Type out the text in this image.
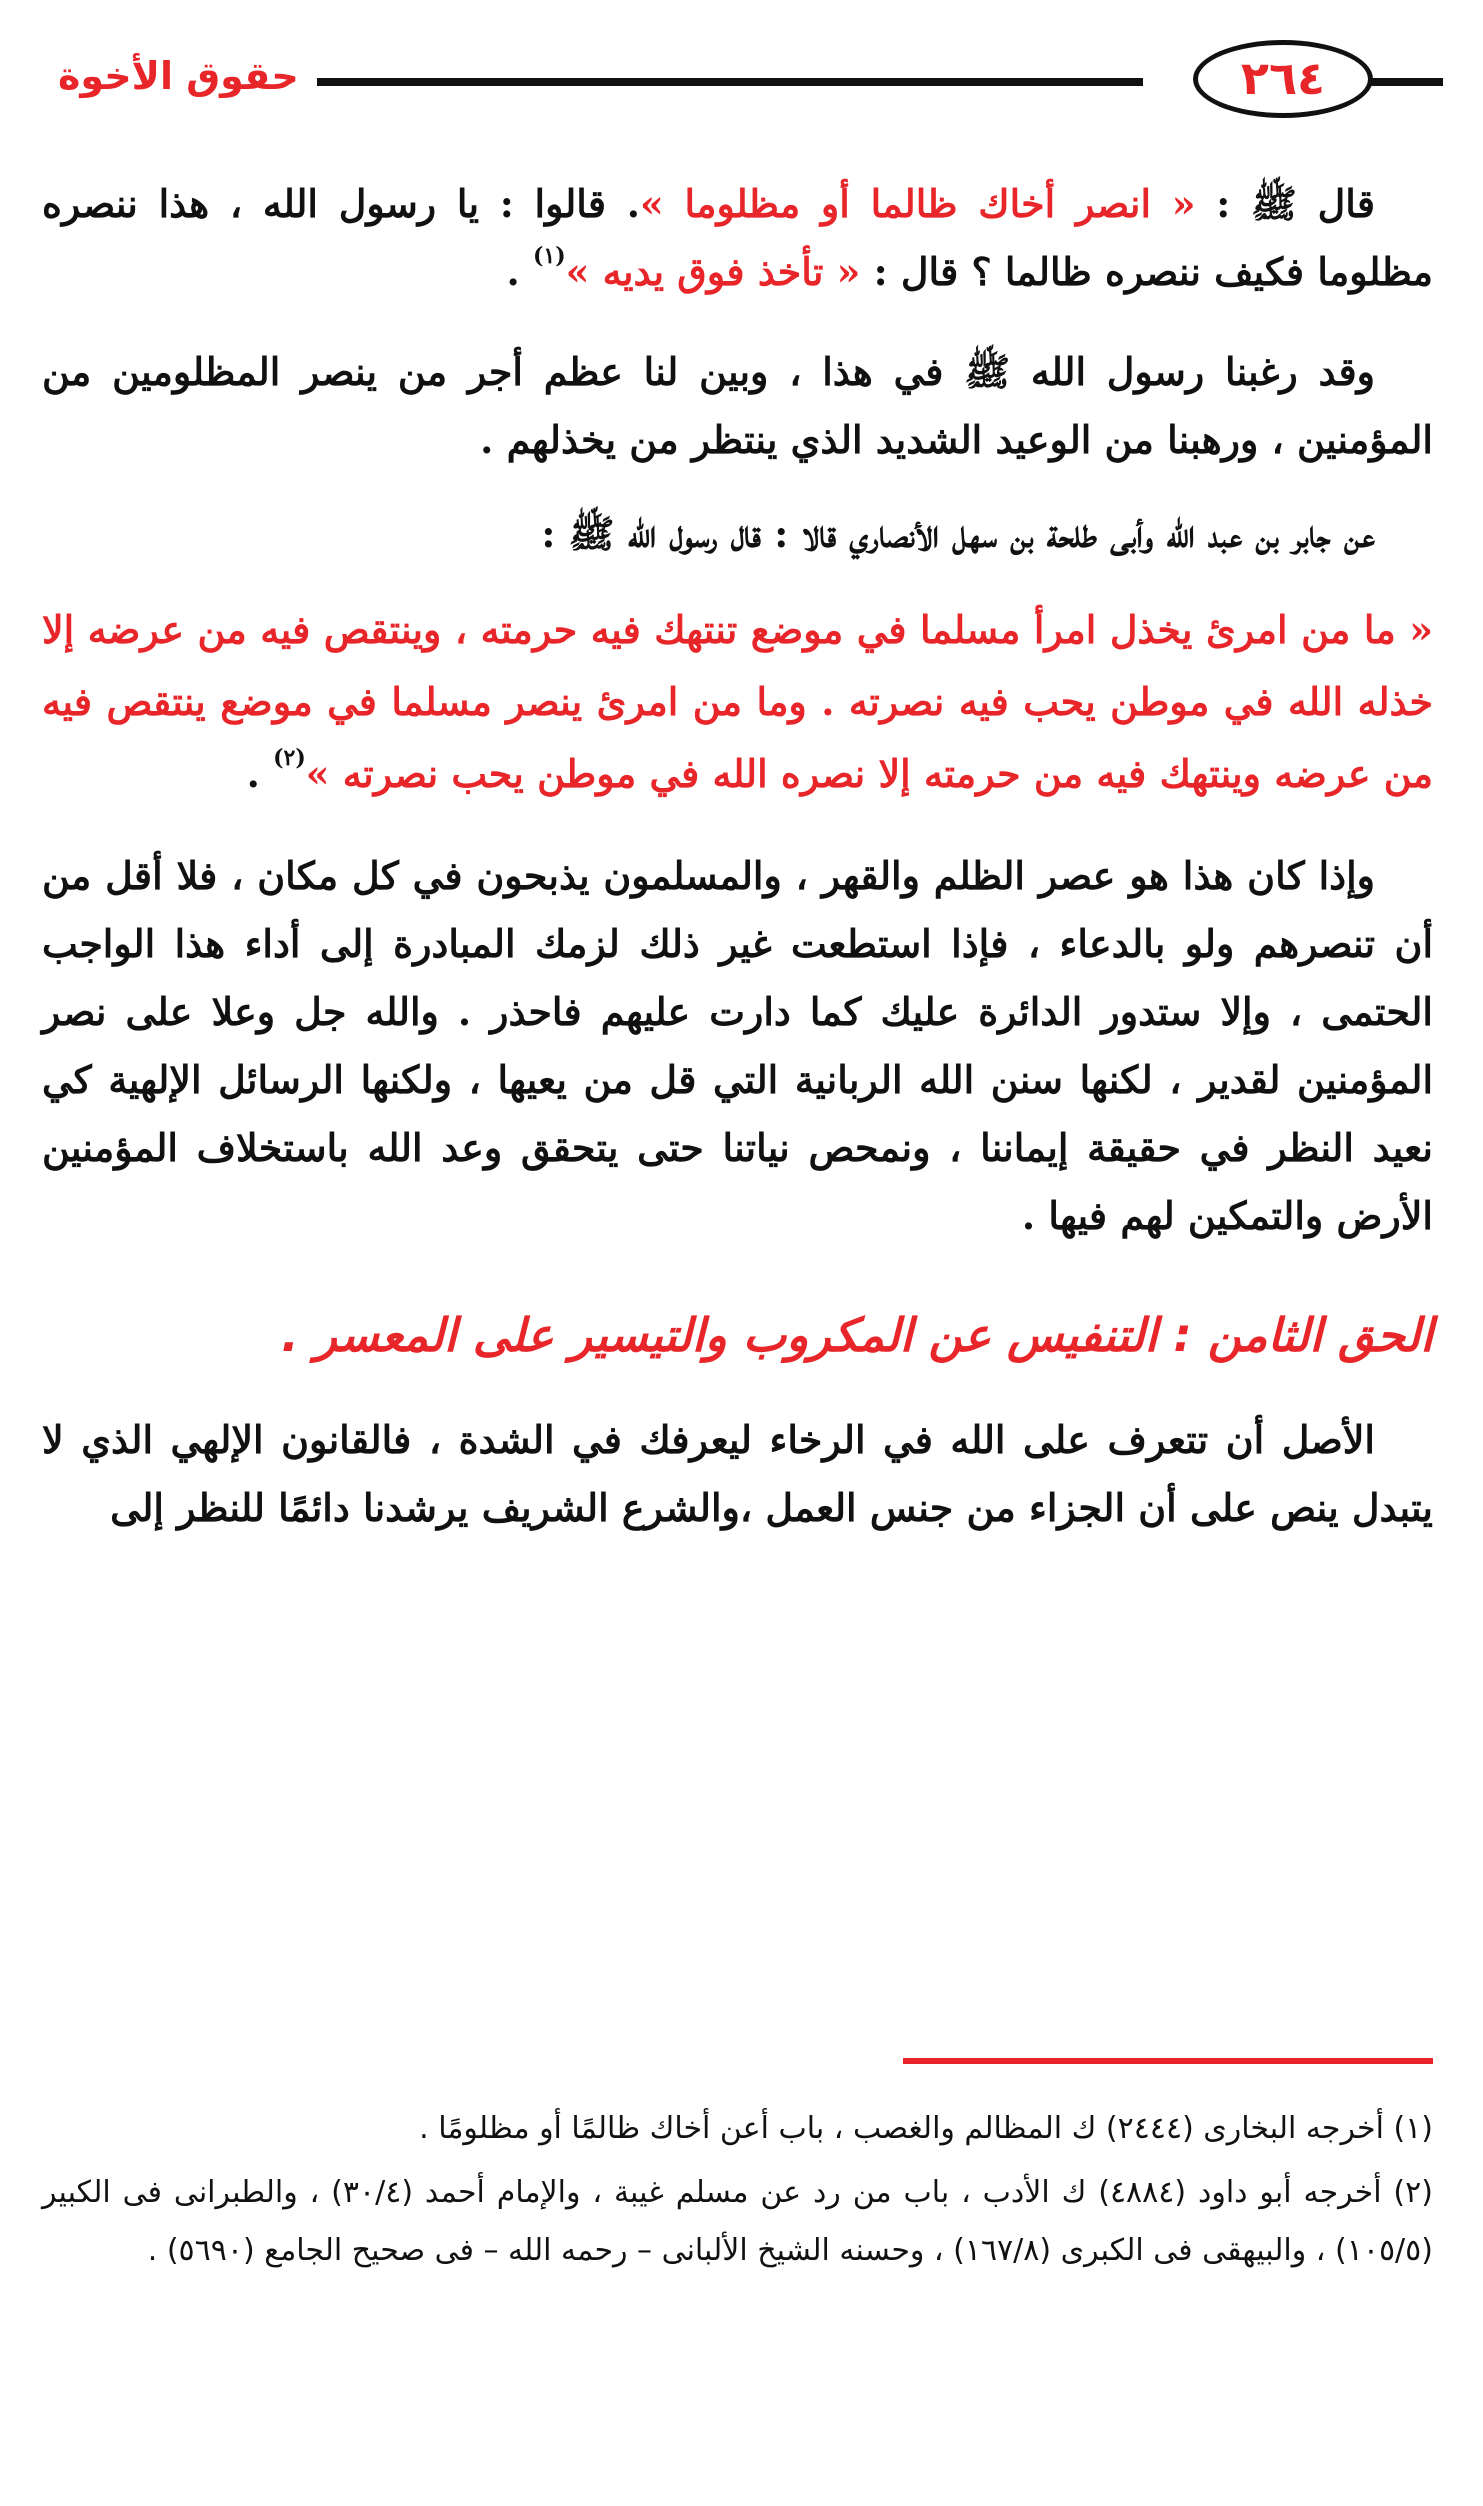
حقوق الأخوة	٢٦٤

قال ﷺ : « انصر أخاك ظالما أو مظلوما ». قالوا : يا رسول الله ، هذا ننصره مظلوما فكيف ننصره ظالما ؟ قال : « تأخذ فوق يديه »$^{(١)}$ .

وقد رغبنا رسول الله ﷺ في هذا ، وبين لنا عظم أجر من ينصر المظلومين من المؤمنين ، ورهبنا من الوعيد الشديد الذي ينتظر من يخذلهم .

عن جابر بن عبد الله وأبى طلحة بن سهل الأنصاري قالا : قال رسول الله ﷺ :

« ما من امرئ يخذل امرأ مسلما في موضع تنتهك فيه حرمته ، وينتقص فيه من عرضه إلا خذله الله في موطن يحب فيه نصرته . وما من امرئ ينصر مسلما في موضع ينتقص فيه من عرضه وينتهك فيه من حرمته إلا نصره الله في موطن يحب نصرته »$^{(٢)}$ .

وإذا كان هذا هو عصر الظلم والقهر ، والمسلمون يذبحون في كل مكان ، فلا أقل من أن تنصرهم ولو بالدعاء ، فإذا استطعت غير ذلك لزمك المبادرة إلى أداء هذا الواجب الحتمى ، وإلا ستدور الدائرة عليك كما دارت عليهم فاحذر . والله جل وعلا على نصر المؤمنين لقدير ، لكنها سنن الله الربانية التي قل من يعيها ، ولكنها الرسائل الإلهية كي نعيد النظر في حقيقة إيماننا ، ونمحص نياتنا حتى يتحقق وعد الله باستخلاف المؤمنين الأرض والتمكين لهم فيها .

الحق الثامن : التنفيس عن المكروب والتيسير على المعسر .

الأصل أن تتعرف على الله في الرخاء ليعرفك في الشدة ، فالقانون الإلهي الذي لا يتبدل ينص على أن الجزاء من جنس العمل ،والشرع الشريف يرشدنا دائمًا للنظر إلى

(١) أخرجه البخارى (٢٤٤٤) ك المظالم والغصب ، باب أعن أخاك ظالمًا أو مظلومًا .

(٢) أخرجه أبو داود (٤٨٨٤) ك الأدب ، باب من رد عن مسلم غيبة ، والإمام أحمد (٣٠/٤) ، والطبرانى فى الكبير (١٠٥/٥) ، والبيهقى فى الكبرى (١٦٧/٨) ، وحسنه الشيخ الألبانى – رحمه الله – فى صحيح الجامع (٥٦٩٠) .
